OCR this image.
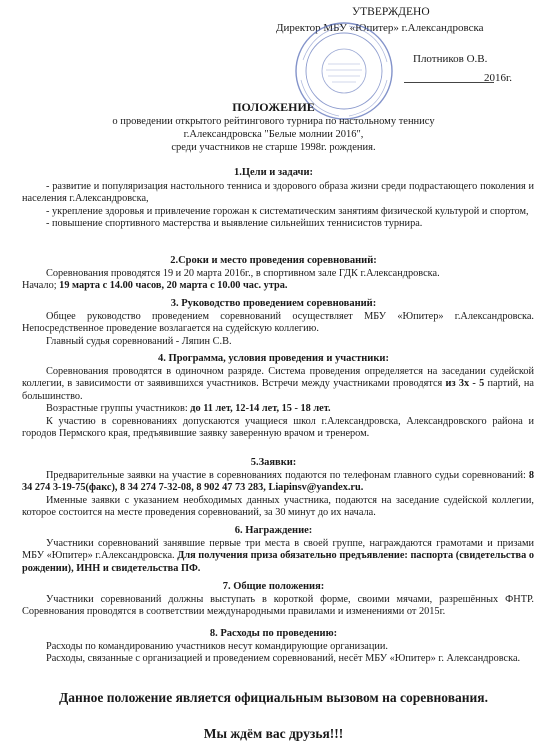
УТВЕРЖДЕНО
Директор МБУ «Юпитер» г.Александровска
Плотников О.В.
2016г.
ПОЛОЖЕНИЕ
о проведении открытого рейтингового турнира по настольному теннису
г.Александровска "Белые молнии 2016",
среди участников не старше 1998г. рождения.
1.Цели и задачи:

- развитие и популяризация настольного тенниса и здорового образа жизни среди подрастающего поколения и населения г.Александровска,

- укрепление здоровья и привлечение горожан к систематическим занятиям физической культурой и спортом,

- повышение спортивного мастерства и выявление сильнейших теннисистов турнира.

2.Сроки и место проведения соревнований:

Соревнования проводятся 19 и 20 марта 2016г., в спортивном зале ГДК г.Александровска.

Начало; 19 марта с 14.00 часов, 20 марта с 10.00 час. утра.

3. Руководство проведением соревнований:

Общее руководство проведением соревнований осуществляет МБУ «Юпитер» г.Александровска. Непосредственное проведение возлагается на судейскую коллегию.

Главный судья соревнований - Ляпин С.В.

4. Программа, условия проведения и участники:

Соревнования проводятся в одиночном разряде. Система проведения определяется на заседании судейской коллегии, в зависимости от заявившихся участников. Встречи между участниками проводятся из 3х - 5 партий, на большинство.

Возрастные группы участников: до 11 лет, 12-14 лет, 15 - 18 лет.

К участию в соревнованиях допускаются учащиеся школ г.Александровска, Александровского района и городов Пермского края, предъявившие заявку заверенную врачом и тренером.

5.Заявки:

Предварительные заявки на участие в соревнованиях подаются по телефонам главного судьи соревнований: 8 34 274 3-19-75(факс), 8 34 274 7-32-08, 8 902 47 73 283, Liapinsv@yandex.ru.

Именные заявки с указанием необходимых данных участника, подаются на заседание судейской коллегии, которое состоится на месте проведения соревнований, за 30 минут до их начала.

6. Награждение:

Участники соревнований занявшие первые три места в своей группе, награждаются грамотами и призами МБУ «Юпитер» г.Александровска. Для получения приза обязательно предъявление: паспорта (свидетельства о рождении), ИНН и свидетельства ПФ.

7. Общие положения:

Участники соревнований должны выступать в короткой форме, своими мячами, разрешённых ФНТР. Соревнования проводятся в соответствии международными правилами и изменениями от 2015г.

8. Расходы по проведению:

Расходы по командированию участников несут командирующие организации.

Расходы, связанные с организацией и проведением соревнований, несёт МБУ «Юпитер» г. Александровска.

Данное положение является официальным вызовом на соревнования.
Мы ждём вас друзья!!!
